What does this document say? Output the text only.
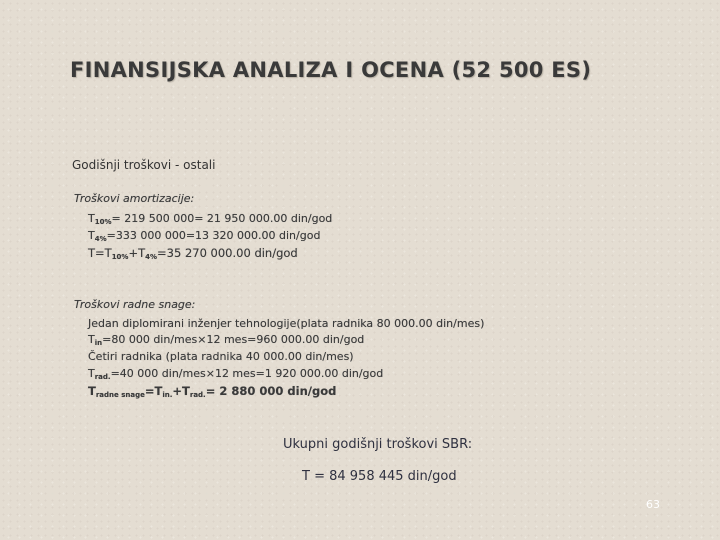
FINANSIJSKA ANALIZA I OCENA (52 500 ES)
Godišnji troškovi - ostali
Troškovi amortizacije:
$T_{10\%}= 219$ 500 000= 21 950 000.00 din/god
$T_{4\%}=333$ 000 000=13 320 000.00 din/god
$T=T_{10\%}+T_{4\%}=35$ 270 000.00 din/god
Troškovi radne snage:
Jedan diplomirani inženjer tehnologije(plata radnika 80 000.00 din/mes)
$T_{in}=80$ 000 din/mes×12 mes=960 000.00 din/god
Četiri radnika (plata radnika 40 000.00 din/mes)
$T_{rad.}=40$ 000 din/mes×12 mes=1 920 000.00 din/god
$T_{radne snage}=T_{in.}+T_{rad.}= 2$ 880 000 din/god
Ukupni godišnji troškovi SBR:
T = 84 958 445 din/god
63
